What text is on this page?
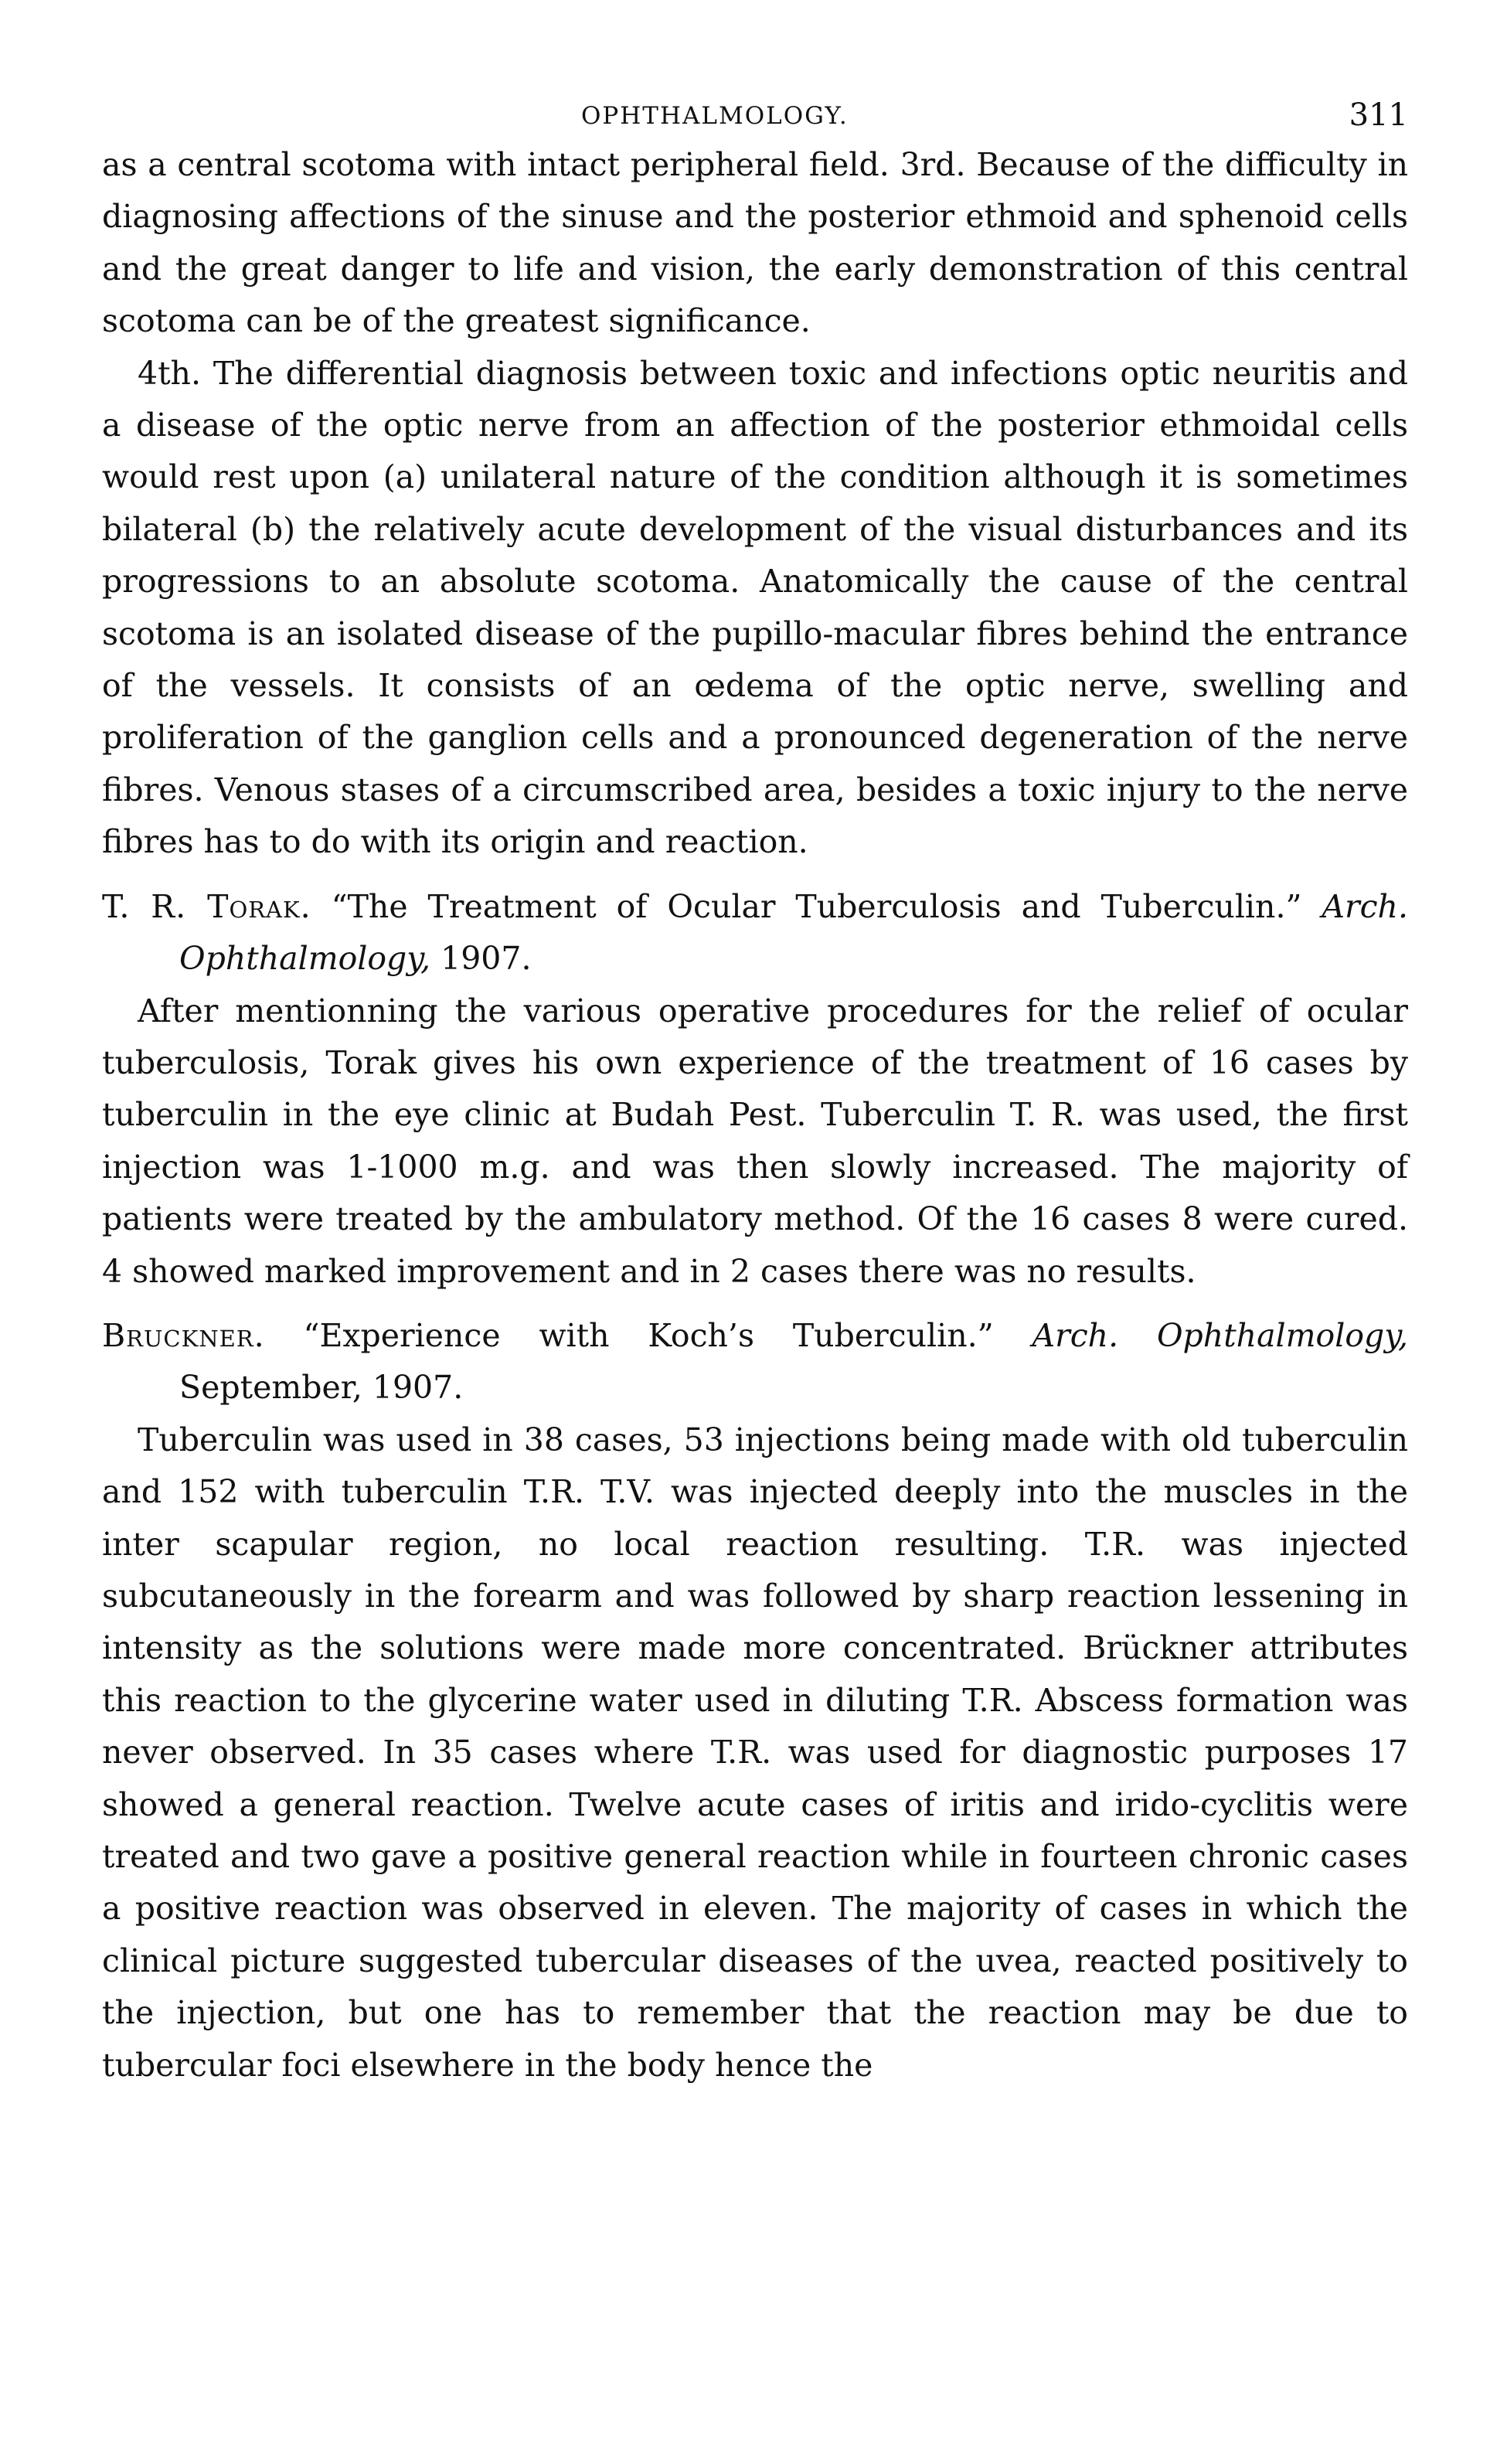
OPHTHALMOLOGY.	311

as a central scotoma with intact peripheral field. 3rd. Because of the difficulty in diagnosing affections of the sinuse and the posterior ethmoid and sphenoid cells and the great danger to life and vision, the early demonstration of this central scotoma can be of the greatest significance.

4th. The differential diagnosis between toxic and infections optic neuritis and a disease of the optic nerve from an affection of the posterior ethmoidal cells would rest upon (a) unilateral nature of the condition although it is sometimes bilateral (b) the relatively acute development of the visual disturbances and its progressions to an absolute scotoma. Anatomically the cause of the central scotoma is an isolated disease of the pupillo-macular fibres behind the entrance of the vessels. It consists of an œdema of the optic nerve, swelling and proliferation of the ganglion cells and a pronounced degeneration of the nerve fibres. Venous stases of a circumscribed area, besides a toxic injury to the nerve fibres has to do with its origin and reaction.

T. R. Torak. “The Treatment of Ocular Tuberculosis and Tuberculin.” Arch. Ophthalmology, 1907.

After mentionning the various operative procedures for the relief of ocular tuberculosis, Torak gives his own experience of the treatment of 16 cases by tuberculin in the eye clinic at Budah Pest. Tuberculin T. R. was used, the first injection was 1-1000 m.g. and was then slowly increased. The majority of patients were treated by the ambulatory method. Of the 16 cases 8 were cured. 4 showed marked improvement and in 2 cases there was no results.

Bruckner. “Experience with Koch’s Tuberculin.” Arch. Ophthalmology, September, 1907.

Tuberculin was used in 38 cases, 53 injections being made with old tuberculin and 152 with tuberculin T.R. T.V. was injected deeply into the muscles in the inter scapular region, no local reaction resulting. T.R. was injected subcutaneously in the forearm and was followed by sharp reaction lessening in intensity as the solutions were made more concentrated. Brückner attributes this reaction to the glycerine water used in diluting T.R. Abscess formation was never observed. In 35 cases where T.R. was used for diagnostic purposes 17 showed a general reaction. Twelve acute cases of iritis and irido-cyclitis were treated and two gave a positive general reaction while in fourteen chronic cases a positive reaction was observed in eleven. The majority of cases in which the clinical picture suggested tubercular diseases of the uvea, reacted positively to the injection, but one has to remember that the reaction may be due to tubercular foci elsewhere in the body hence the
